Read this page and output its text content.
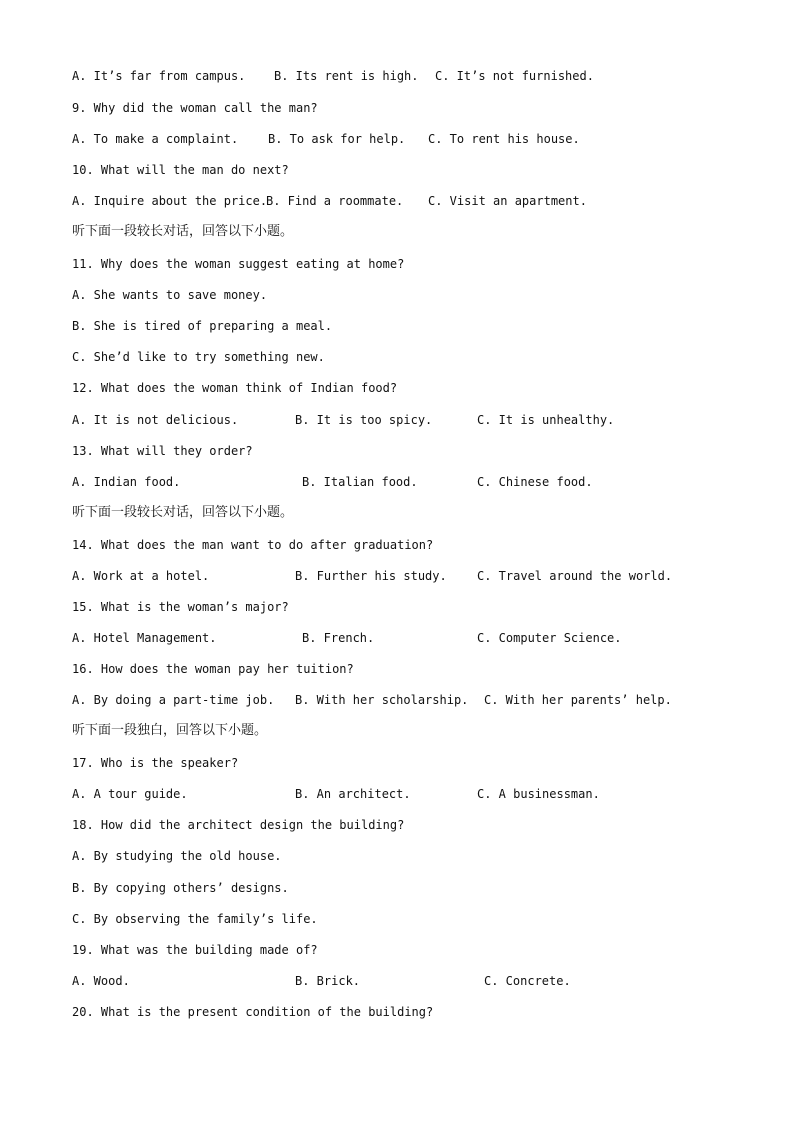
A. It’s far from campus.

B. Its rent is high.

C. It’s not furnished.

9. Why did the woman call the man?

A. To make a complaint.

B. To ask for help.

C. To rent his house.

10. What will the man do next?

A. Inquire about the price.

B. Find a roommate.

C. Visit an apartment.

听下面一段较长对话，回答以下小题。
11. Why does the woman suggest eating at home?
A. She wants to save money.
B. She is tired of preparing a meal.
C. She’d like to try something new.
12. What does the woman think of Indian food?

A. It is not delicious.

	B. It is too spicy.

	C. It is unhealthy.

13. What will they order?

A. Indian food.

	B. Italian food.

	C. Chinese food.

听下面一段较长对话，回答以下小题。
14. What does the man want to do after graduation?

A. Work at a hotel.

	B. Further his study.

	C. Travel around the world.

15. What is the woman’s major?

A. Hotel Management.

	B. French.

	C. Computer Science.

16. How does the woman pay her tuition?

A. By doing a part-time job.

B. With her scholarship.

C. With her parents’ help.

听下面一段独白，回答以下小题。
17. Who is the speaker?

A. A tour guide.

	B. An architect.

	C. A businessman.

18. How did the architect design the building?
A. By studying the old house.
B. By copying others’ designs.
C. By observing the family’s life.
19. What was the building made of?

A. Wood.

	B. Brick.

	C. Concrete.

20. What is the present condition of the building?
